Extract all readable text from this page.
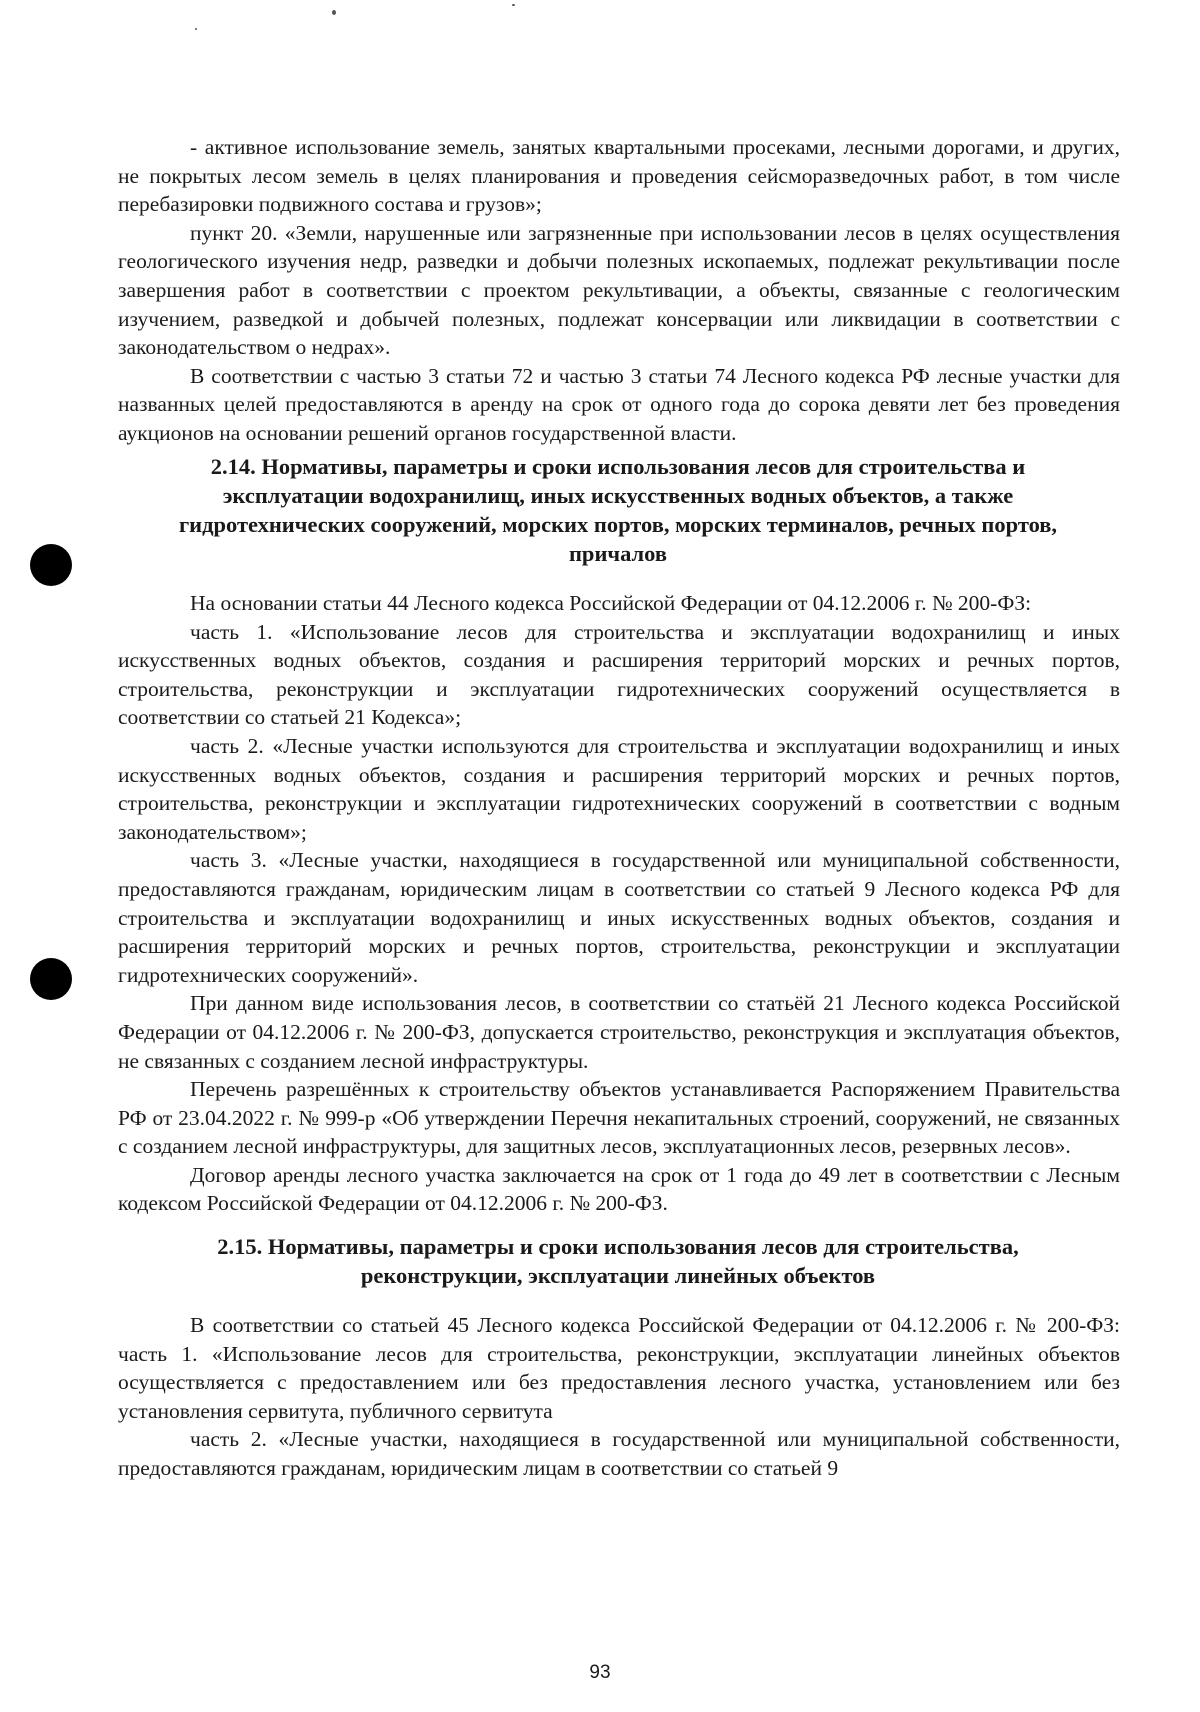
- активное использование земель, занятых квартальными просеками, лесными дорогами, и других, не покрытых лесом земель в целях планирования и проведения сейсморазведочных работ, в том числе перебазировки подвижного состава и грузов»;

пункт 20. «Земли, нарушенные или загрязненные при использовании лесов в целях осуществления геологического изучения недр, разведки и добычи полезных ископаемых, подлежат рекультивации после завершения работ в соответствии с проектом рекультивации, а объекты, связанные с геологическим изучением, разведкой и добычей полезных, подлежат консервации или ликвидации в соответствии с законодательством о недрах».

В соответствии с частью 3 статьи 72 и частью 3 статьи 74 Лесного кодекса РФ лесные участки для названных целей предоставляются в аренду на срок от одного года до сорока девяти лет без проведения аукционов на основании решений органов государственной власти.

2.14. Нормативы, параметры и сроки использования лесов для строительства и эксплуатации водохранилищ, иных искусственных водных объектов, а также гидротехнических сооружений, морских портов, морских терминалов, речных портов, причалов

На основании статьи 44 Лесного кодекса Российской Федерации от 04.12.2006 г. № 200-ФЗ:

часть 1. «Использование лесов для строительства и эксплуатации водохранилищ и иных искусственных водных объектов, создания и расширения территорий морских и речных портов, строительства, реконструкции и эксплуатации гидротехнических сооружений осуществляется в соответствии со статьей 21 Кодекса»;

часть 2. «Лесные участки используются для строительства и эксплуатации водохранилищ и иных искусственных водных объектов, создания и расширения территорий морских и речных портов, строительства, реконструкции и эксплуатации гидротехнических сооружений в соответствии с водным законодательством»;

часть 3. «Лесные участки, находящиеся в государственной или муниципальной собственности, предоставляются гражданам, юридическим лицам в соответствии со статьей 9 Лесного кодекса РФ для строительства и эксплуатации водохранилищ и иных искусственных водных объектов, создания и расширения территорий морских и речных портов, строительства, реконструкции и эксплуатации гидротехнических сооружений».

При данном виде использования лесов, в соответствии со статьёй 21 Лесного кодекса Российской Федерации от 04.12.2006 г. № 200-ФЗ, допускается строительство, реконструкция и эксплуатация объектов, не связанных с созданием лесной инфраструктуры.

Перечень разрешённых к строительству объектов устанавливается Распоряжением Правительства РФ от 23.04.2022 г. № 999-р «Об утверждении Перечня некапитальных строений, сооружений, не связанных с созданием лесной инфраструктуры, для защитных лесов, эксплуатационных лесов, резервных лесов».

Договор аренды лесного участка заключается на срок от 1 года до 49 лет в соответствии с Лесным кодексом Российской Федерации от 04.12.2006 г. № 200-ФЗ.

2.15. Нормативы, параметры и сроки использования лесов для строительства, реконструкции, эксплуатации линейных объектов

В соответствии со статьей 45 Лесного кодекса Российской Федерации от 04.12.2006 г. № 200-ФЗ: часть 1. «Использование лесов для строительства, реконструкции, эксплуатации линейных объектов осуществляется с предоставлением или без предоставления лесного участка, установлением или без установления сервитута, публичного сервитута

часть 2. «Лесные участки, находящиеся в государственной или муниципальной собственности, предоставляются гражданам, юридическим лицам в соответствии со статьей 9

93
